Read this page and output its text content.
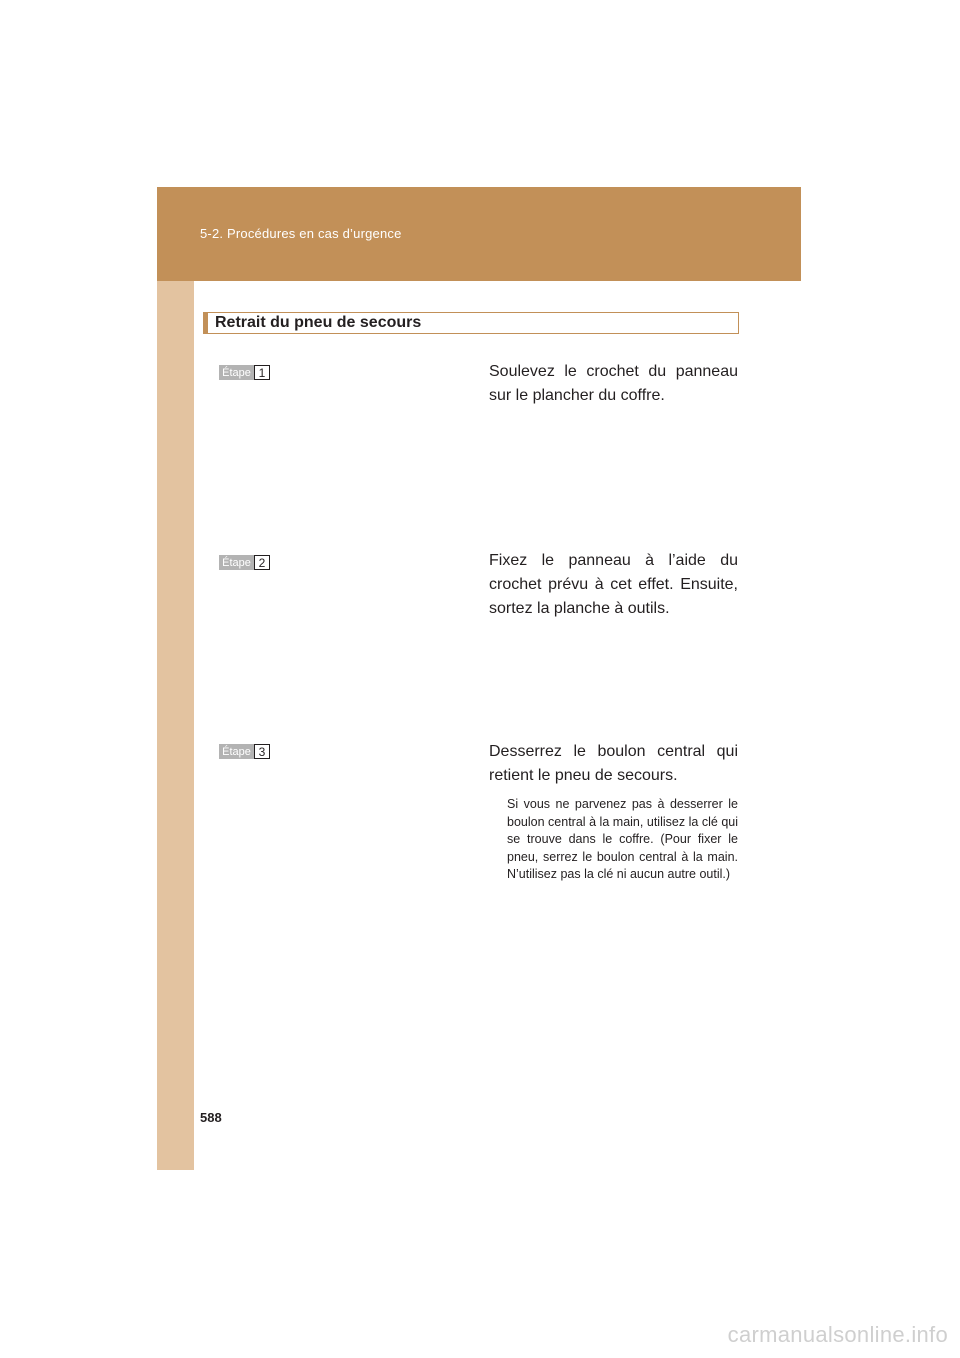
5-2. Procédures en cas d’urgence
Retrait du pneu de secours
Étape 1	Soulevez le crochet du panneau sur le plancher du coffre.
Étape 2	Fixez le panneau à l’aide du crochet prévu à cet effet. Ensuite, sortez la planche à outils.
Étape 3	Desserrez le boulon central qui retient le pneu de secours.
Si vous ne parvenez pas à desserrer le boulon central à la main, utilisez la clé qui se trouve dans le coffre. (Pour fixer le pneu, serrez le boulon central à la main. N’utilisez pas la clé ni aucun autre outil.)
588
carmanualsonline.info
